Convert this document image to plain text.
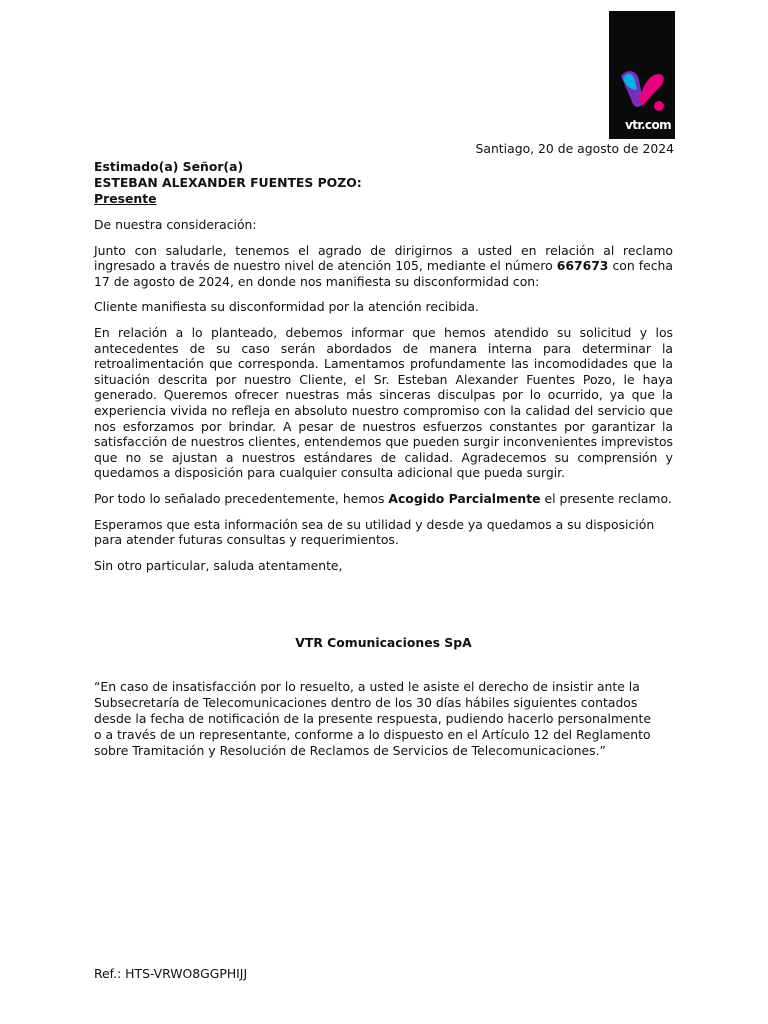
vtr.com
Santiago, 20 de agosto de 2024
Estimado(a) Señor(a)
ESTEBAN ALEXANDER FUENTES POZO:
Presente

De nuestra consideración:

Junto con saludarle, tenemos el agrado de dirigirnos a usted en relación al reclamo ingresado a través de nuestro nivel de atención 105, mediante el número 667673 con fecha 17 de agosto de 2024, en donde nos manifiesta su disconformidad con:

Cliente manifiesta su disconformidad por la atención recibida.

En relación a lo planteado, debemos informar que hemos atendido su solicitud y los antecedentes de su caso serán abordados de manera interna para determinar la retroalimentación que corresponda. Lamentamos profundamente las incomodidades que la situación descrita por nuestro Cliente, el Sr. Esteban Alexander Fuentes Pozo, le haya generado. Queremos ofrecer nuestras más sinceras disculpas por lo ocurrido, ya que la experiencia vivida no refleja en absoluto nuestro compromiso con la calidad del servicio que nos esforzamos por brindar. A pesar de nuestros esfuerzos constantes por garantizar la satisfacción de nuestros clientes, entendemos que pueden surgir inconvenientes imprevistos que no se ajustan a nuestros estándares de calidad. Agradecemos su comprensión y quedamos a disposición para cualquier consulta adicional que pueda surgir.

Por todo lo señalado precedentemente, hemos Acogido Parcialmente el presente reclamo.

Esperamos que esta información sea de su utilidad y desde ya quedamos a su disposición para atender futuras consultas y requerimientos.

Sin otro particular, saluda atentamente,

VTR Comunicaciones SpA
“En caso de insatisfacción por lo resuelto, a usted le asiste el derecho de insistir ante la Subsecretaría de Telecomunicaciones dentro de los 30 días hábiles siguientes contados desde la fecha de notificación de la presente respuesta, pudiendo hacerlo personalmente o a través de un representante, conforme a lo dispuesto en el Artículo 12 del Reglamento sobre Tramitación y Resolución de Reclamos de Servicios de Telecomunicaciones.”
Ref.: HTS-VRWO8GGPHIJJ
